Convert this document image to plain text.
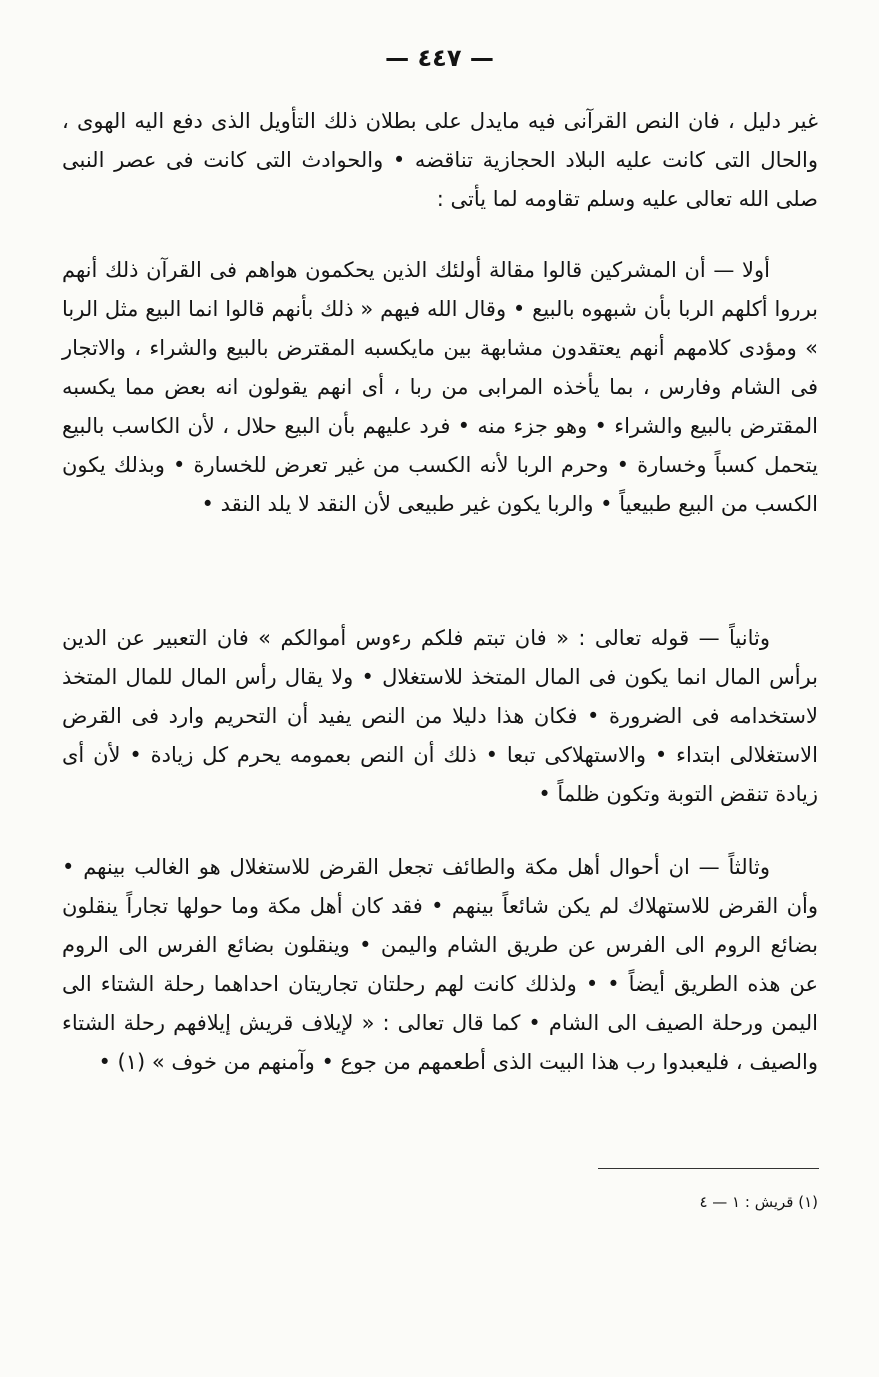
— ٤٤٧ —

غير دليل ، فان النص القرآنى فيه مايدل على بطلان ذلك التأويل الذى دفع اليه الهوى ، والحال التى كانت عليه البلاد الحجازية تناقضه • والحوادث التى كانت فى عصر النبى صلى الله تعالى عليه وسلم تقاومه لما يأتى :

أولا — أن المشركين قالوا مقالة أولئك الذين يحكمون هواهم فى القرآن ذلك أنهم برروا أكلهم الربا بأن شبهوه بالبيع • وقال الله فيهم « ذلك بأنهم قالوا انما البيع مثل الربا » ومؤدى كلامهم أنهم يعتقدون مشابهة بين مايكسبه المقترض بالبيع والشراء ، والاتجار فى الشام وفارس ، بما يأخذه المرابى من ربا ، أى انهم يقولون انه بعض مما يكسبه المقترض بالبيع والشراء • وهو جزء منه • فرد عليهم بأن البيع حلال ، لأن الكاسب بالبيع يتحمل كسباً وخسارة • وحرم الربا لأنه الكسب من غير تعرض للخسارة • وبذلك يكون الكسب من البيع طبيعياً • والربا يكون غير طبيعى لأن النقد لا يلد النقد •

وثانياً — قوله تعالى : « فان تبتم فلكم رءوس أموالكم » فان التعبير عن الدين برأس المال انما يكون فى المال المتخذ للاستغلال • ولا يقال رأس المال للمال المتخذ لاستخدامه فى الضرورة • فكان هذا دليلا من النص يفيد أن التحريم وارد فى القرض الاستغلالى ابتداء • والاستهلاكى تبعا • ذلك أن النص بعمومه يحرم كل زيادة • لأن أى زيادة تنقض التوبة وتكون ظلماً •

وثالثاً — ان أحوال أهل مكة والطائف تجعل القرض للاستغلال هو الغالب بينهم • وأن القرض للاستهلاك لم يكن شائعاً بينهم • فقد كان أهل مكة وما حولها تجاراً ينقلون بضائع الروم الى الفرس عن طريق الشام واليمن • وينقلون بضائع الفرس الى الروم عن هذه الطريق أيضاً • • ولذلك كانت لهم رحلتان تجاريتان احداهما رحلة الشتاء الى اليمن ورحلة الصيف الى الشام • كما قال تعالى : « لإيلاف قريش إيلافهم رحلة الشتاء والصيف ، فليعبدوا رب هذا البيت الذى أطعمهم من جوع • وآمنهم من خوف » (١) •

(١) قريش : ١ — ٤
